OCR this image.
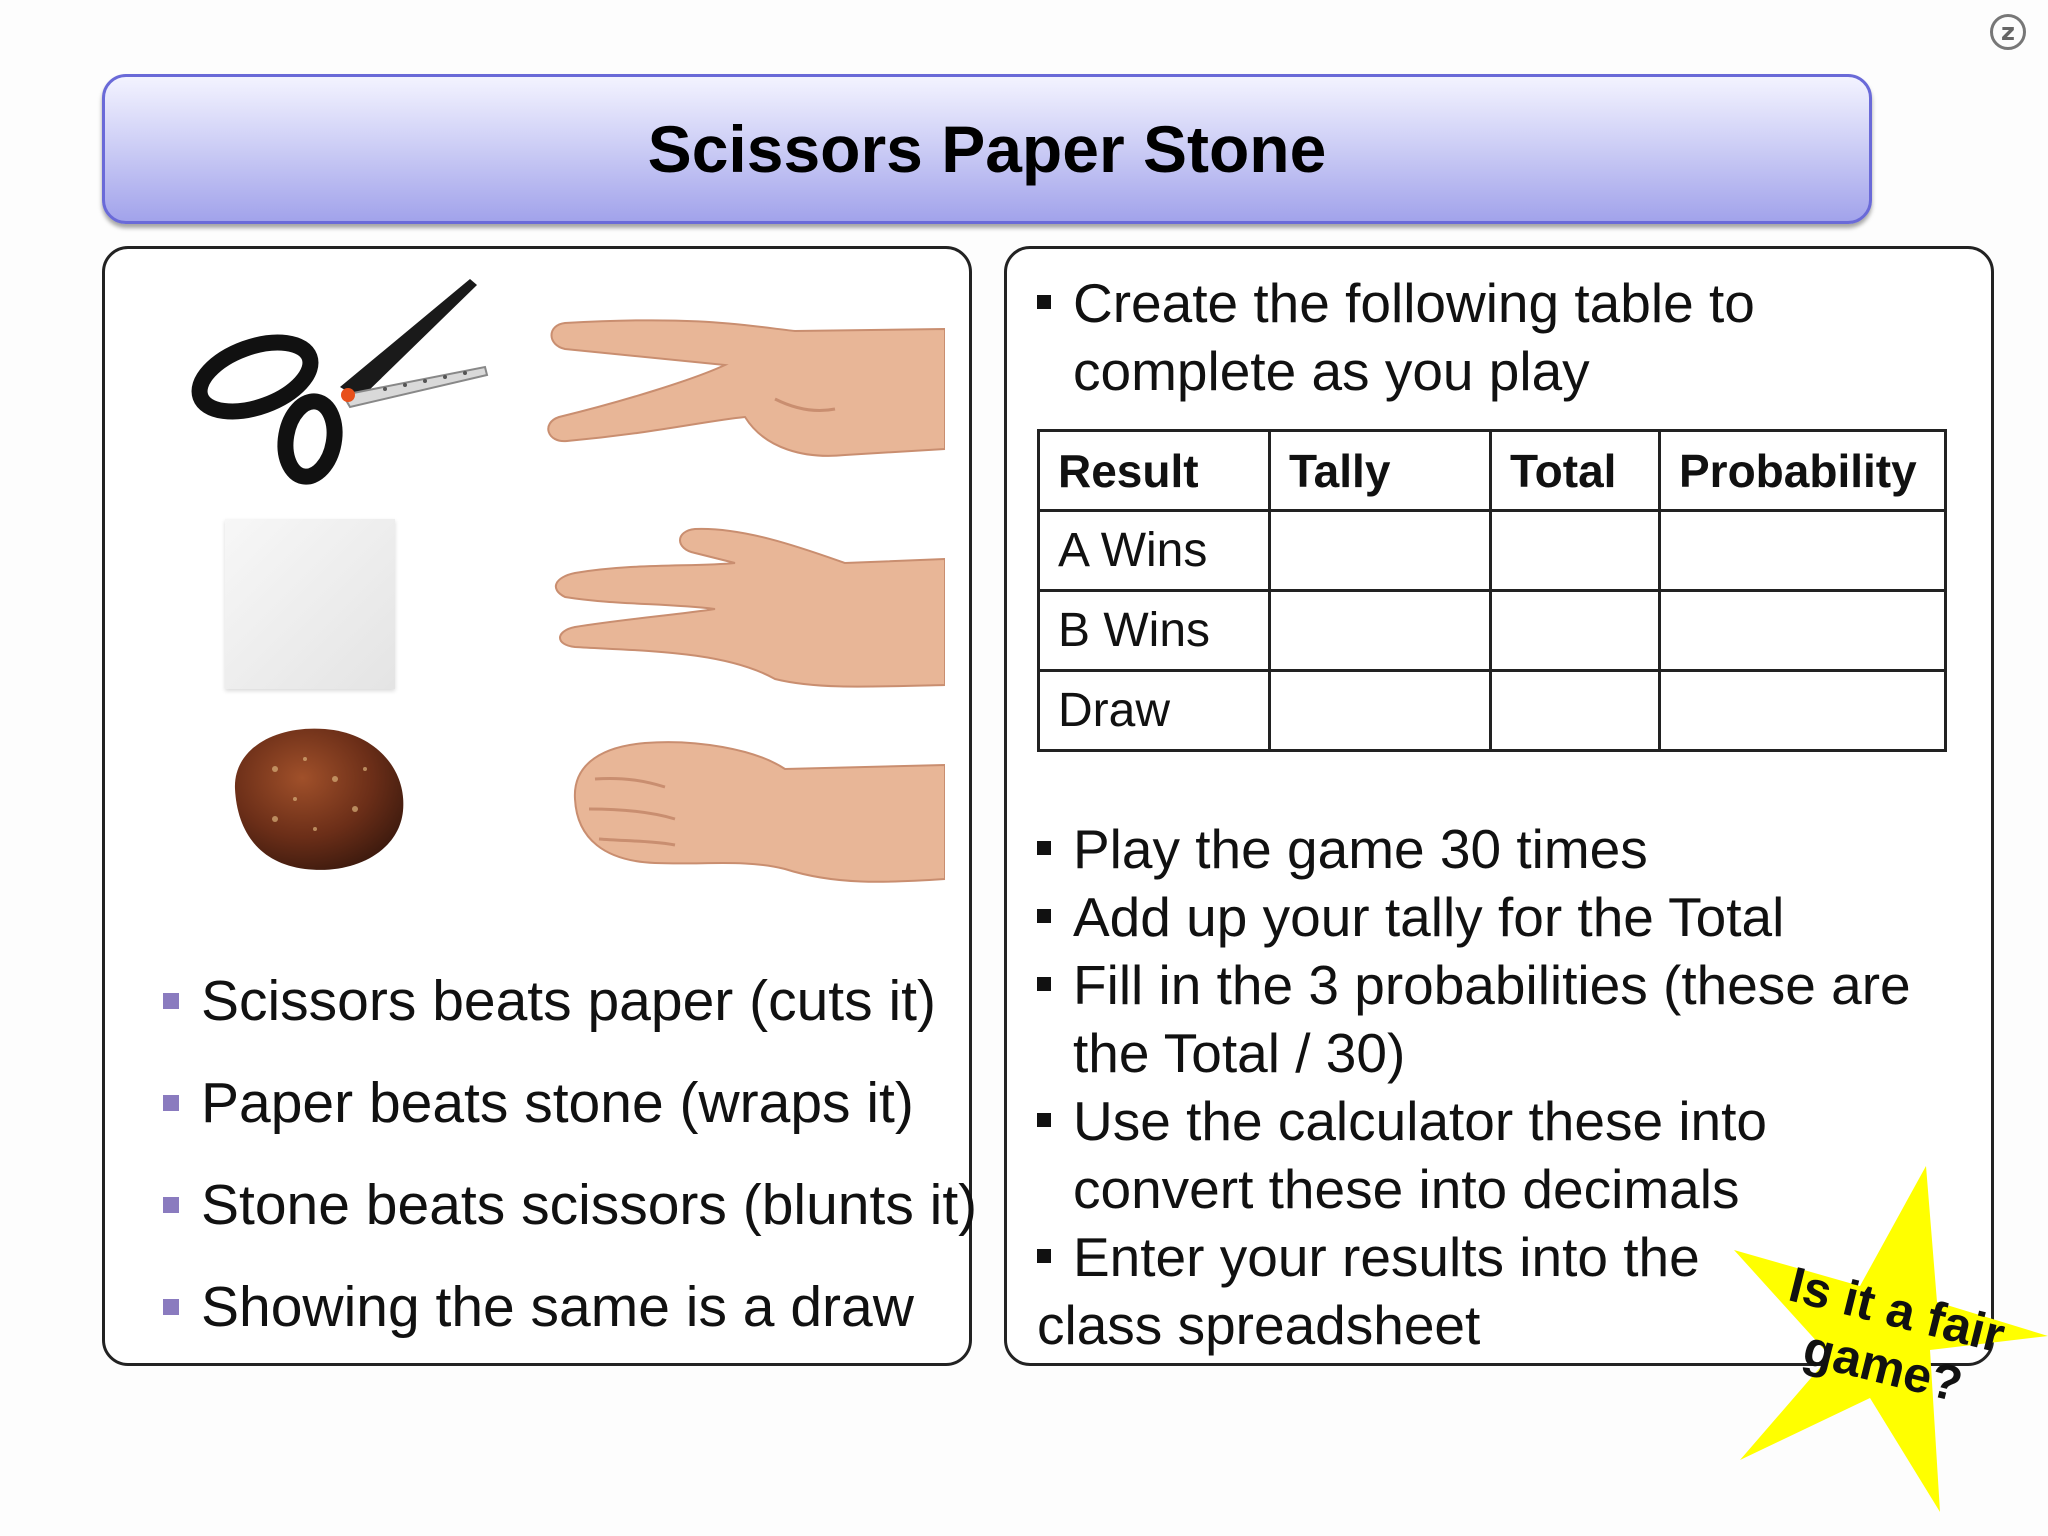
z
Scissors Paper Stone
oto
Scissors beats paper (cuts it)
Paper beats stone (wraps it)
Stone beats scissors (blunts it)
Showing the same is a draw
Create the following table to complete as you play
Result	Tally	Total	Probability
A Wins			
B Wins			
Draw			
Play the game 30 times
Add up your tally for the Total
Fill in the 3 probabilities (these are the Total / 30)
Use the calculator these into convert these into decimals
Enter your results into the
class spreadsheet	Is it a fair game?
